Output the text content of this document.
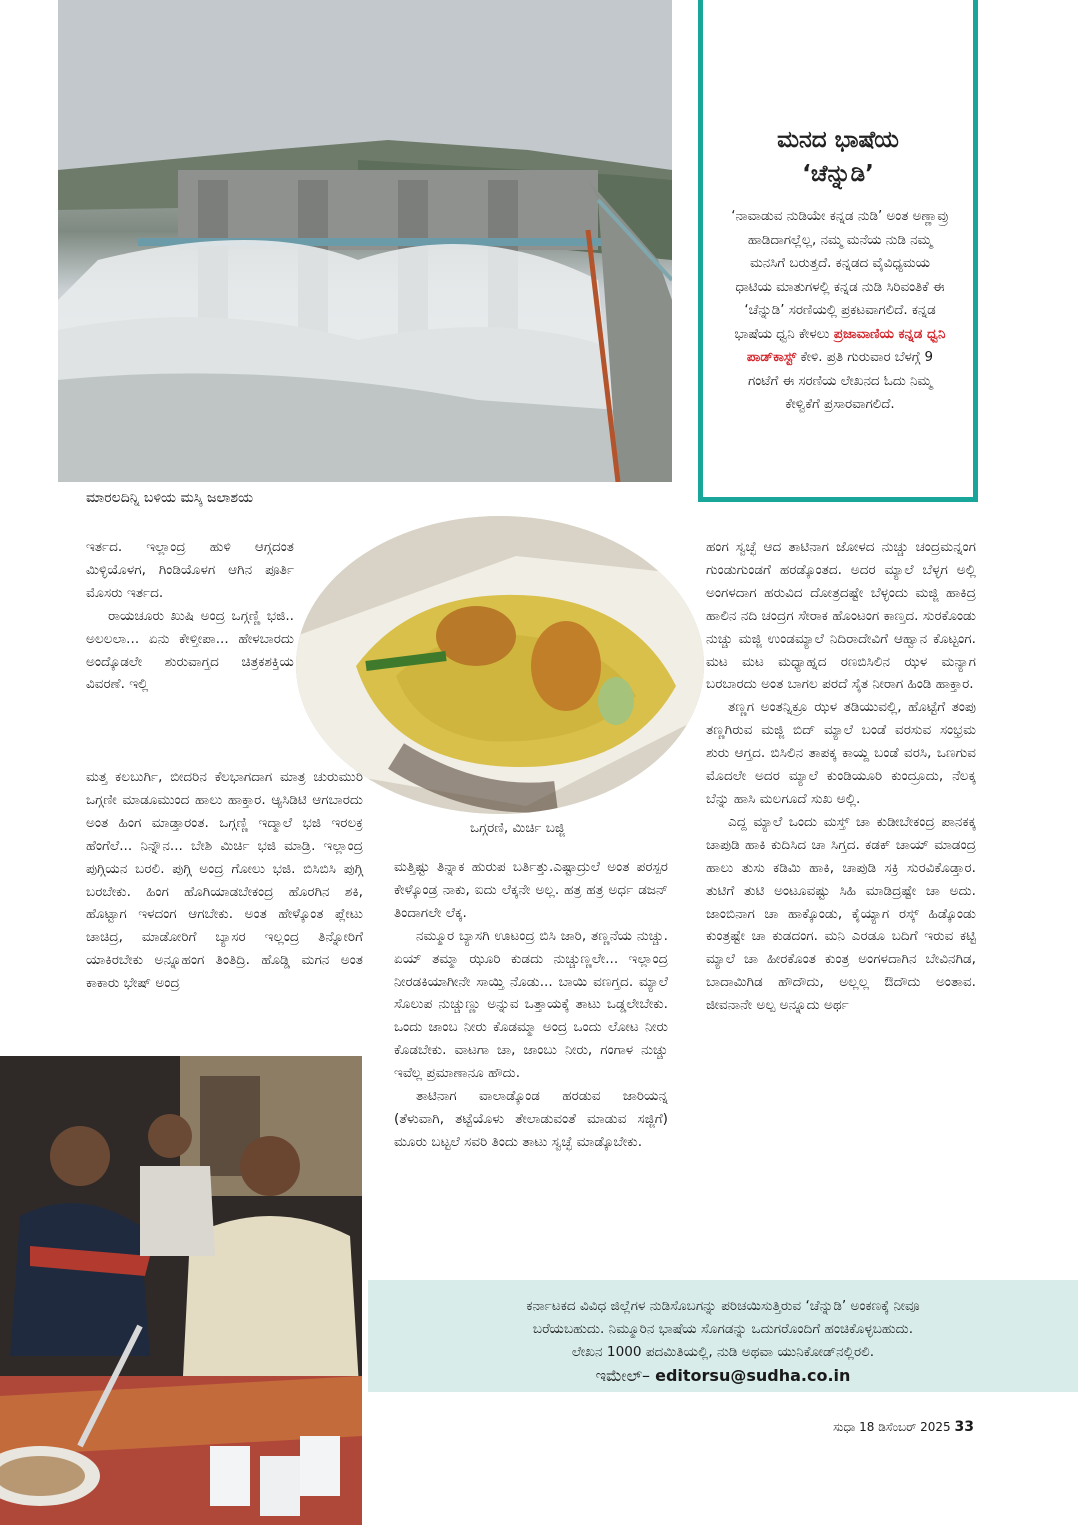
ಮಾರಲದಿನ್ನಿ ಬಳಿಯ ಮಸ್ಕಿ ಜಲಾಶಯ
ಮನದ ಭಾಷೆಯ
‘ಚೆನ್ನುಡಿ’
‘ನಾವಾಡುವ ನುಡಿಯೇ ಕನ್ನಡ ನುಡಿ’ ಅಂತ ಅಣ್ಣಾವ್ರು ಹಾಡಿದಾಗಲ್ಲೆಲ್ಲ, ನಮ್ಮ ಮನೆಯ ನುಡಿ ನಮ್ಮ ಮನಸಿಗೆ ಬರುತ್ತದೆ. ಕನ್ನಡದ ವೈವಿಧ್ಯಮಯ ಧಾಟಿಯ ಮಾತುಗಳಲ್ಲಿ ಕನ್ನಡ ನುಡಿ ಸಿರಿವಂತಿಕೆ ಈ ‘ಚೆನ್ನುಡಿ’ ಸರಣಿಯಲ್ಲಿ ಪ್ರಕಟವಾಗಲಿದೆ. ಕನ್ನಡ ಭಾಷೆಯ ಧ್ವನಿ ಕೇಳಲು ಪ್ರಜಾವಾಣಿಯ ಕನ್ನಡ ಧ್ವನಿ ಪಾಡ್‌ಕಾಸ್ಟ್ ಕೇಳಿ. ಪ್ರತಿ ಗುರುವಾರ ಬೆಳಗ್ಗೆ 9 ಗಂಟೆಗೆ ಈ ಸರಣಿಯ ಲೇಖನದ ಓದು ನಿಮ್ಮ ಕೇಳ್ವಿಕೆಗೆ ಪ್ರಸಾರವಾಗಲಿದೆ.
ಒಗ್ಗರಣಿ, ಮಿರ್ಚಿ ಬಜ್ಜಿ

ಇರ್ತದ. ಇಲ್ಲಾಂದ್ರ ಹುಳಿ ಆಗ್ಗದಂತ ಮಿಳ್ಳಿಯೊಳಗ, ಗಿಂಡಿಯೊಳಗ ಆಗಿನ ಪೂರ್ತಿ ಮೊಸರು ಇರ್ತದ.

ರಾಯಚೂರು ಖುಷಿ ಅಂದ್ರ ಒಗ್ಗಣ್ಣಿ ಭಜಿ.. ಅಲಲಲಾ... ಏನು ಕೇಳ್ತೀಪಾ... ಹೇಳಬಾರದು ಅಂದ್ಕೊಡಲೇ ಶುರುವಾಗ್ತದ ಚಿತ್ರಕಶಕ್ತಿಯ ವಿವರಣೆ. ಇಲ್ಲಿ

ಮತ್ತ ಕಲಬುರ್ಗಿ, ಬೀದರಿನ ಕೆಲಭಾಗದಾಗ ಮಾತ್ರ ಚುರುಮುರಿ ಒಗ್ಗಣೀ ಮಾಡೂಮುಂದ ಹಾಲು ಹಾಕ್ತಾರ. ಆ್ಯಸಿಡಿಟಿ ಆಗಬಾರದು ಅಂತ ಹಿಂಗ ಮಾಡ್ತಾರಂತ. ಒಗ್ಗಣ್ಣಿ ಇದ್ಮಾಲೆ ಭಜಿ ಇರಲಕ್ರ ಹೆಂಗೆಲೆ... ನಿನ್ನೌನ... ಬೇಶಿ ಮಿರ್ಚಿ ಭಜಿ ಮಾಡ್ರಿ. ಇಲ್ಲಾಂದ್ರ ಪುಗ್ಗಿಯನ ಬರಲಿ. ಪುಗ್ಗಿ ಅಂದ್ರ ಗೋಲು ಭಜಿ. ಬಿಸಿಬಿಸಿ ಪುಗ್ಗಿ ಬರಬೇಕು. ಹಿಂಗ ಹೊಗಿಯಾಡಬೇಕಂದ್ರ ಹೊರಗಿನ ಶಕಿ, ಹೊಟ್ಟಾಗ ಇಳದಂಗ ಆಗಬೇಕು. ಅಂತ ಹೇಳ್ಕೊಂತ ಪ್ಲೇಟು ಚಾಚಿದ್ರ, ಮಾಡೋರಿಗೆ ಬ್ಯಾಸರ ಇಲ್ಲಂದ್ರ ತಿನ್ನೋರಿಗೆ ಯಾಕಿರಬೇಕು ಅನ್ನೂಹಂಗ ತಿಂತಿದ್ರಿ. ಹೊಡ್ಡಿ ಮಗನ ಅಂತ ಕಾಕಾರು ಭೇಷ್ ಅಂದ್ರ

ಮತ್ತಿಷ್ಟು ತಿನ್ನಾಕ ಹುರುಪ ಬರ್ತಿತ್ತು.ಎಷ್ಟಾದ್ರುಲೆ ಅಂತ ಪರಸ್ಪರ ಕೇಳ್ಕೊಂಡ್ರ ನಾಕು, ಐದು ಲೆಕ್ಕನೇ ಅಲ್ಲ. ಹತ್ರ ಹತ್ರ ಅರ್ಧ ಡಜನ್ ತಿಂದಾಗಲೇ ಲೆಕ್ಕ.

ನಮ್ಮೂರ ಬ್ಯಾಸಗಿ ಊಟಂದ್ರ ಬಿಸಿ ಜಾರಿ, ತಣ್ಣನೆಯ ನುಚ್ಚು. ಏಯ್ ತಮ್ಮಾ ಝೂರಿ ಕುಡದು ನುಚ್ಚುಣ್ಣಲೇ... ಇಲ್ಲಾಂದ್ರ ನೀರಡಕಿಯಾಗೀನೇ ಸಾಯ್ತಿ ನೊಡು... ಬಾಯಿ ವಣಗ್ತದ. ಮ್ಯಾಲೆ ಸೊಲುಪ ನುಚ್ಚುಣ್ಣು ಅನ್ನುವ ಒತ್ತಾಯಕ್ಕೆ ತಾಟು ಒಡ್ಡಲೇಬೇಕು. ಒಂದು ಜಾಂಬ ನೀರು ಕೊಡಮ್ಮಾ ಅಂದ್ರ ಒಂದು ಲೋಟ ನೀರು ಕೊಡಬೇಕು. ವಾಟಗಾ ಚಾ, ಜಾಂಬು ನೀರು, ಗಂಗಾಳ ನುಚ್ಚು ಇವೆಲ್ಲ ಪ್ರಮಾಣಾನೂ ಹೌದು.

ತಾಟಿನಾಗ ವಾಲಾಡ್ಕೊಂಡ ಹರಡುವ ಜಾರಿಯನ್ನ (ತೆಳುವಾಗಿ, ತಟ್ಟೆಯೊಳು ತೇಲಾಡುವಂತೆ ಮಾಡುವ ಸಜ್ಜಿಗೆ) ಮೂರು ಬಟ್ಟಲೆ ಸವರಿ ತಿಂದು ತಾಟು ಸ್ವಚ್ಛೆ ಮಾಡ್ಕೊಬೇಕು.

ಹಂಗ ಸ್ವಚ್ಛೆ ಆದ ತಾಟಿನಾಗ ಜೋಳದ ನುಚ್ಚು ಚಂದ್ರಮನ್ನಂಗ ಗುಂಡುಗುಂಡಗೆ ಹರಡ್ಕೊಂತದ. ಅದರ ಮ್ಯಾಲೆ ಬೆಳ್ಳಗ ಅಲ್ಲಿ ಅಂಗಳದಾಗ ಹರುವಿದ ದೋತ್ರದಷ್ಟೇ ಬೆಳ್ಳಂದು ಮಜ್ಜಿ ಹಾಕಿದ್ರ ಹಾಲಿನ ನದಿ ಚಂದ್ರಗ ಸೇರಾಕ ಹೊಂಟಂಗ ಕಾಣ್ತದ. ಸುರಕೊಂಡು ನುಚ್ಚು ಮಜ್ಜಿ ಉಂಡಮ್ಯಾಲೆ ನಿದಿರಾದೇವಿಗೆ ಆಹ್ವಾನ ಕೊಟ್ಟಂಗ. ಮಟ ಮಟ ಮಧ್ಯಾಹ್ನದ ರಣಬಿಸಿಲಿನ ಝಳ ಮನ್ಯಾಗ ಬರಬಾರದು ಅಂತ ಬಾಗಲ ಪರದೆ ಸೈತ ನೀರಾಗ ಹಿಂಡಿ ಹಾಕ್ತಾರ.

ತಣ್ಣಗ ಅಂತನ್ನಿಕ್ರೂ ಝಳ ತಡಿಯುವಲ್ಲಿ, ಹೊಟ್ಟೆಗೆ ತಂಪು ತಣ್ಣಗಿರುವ ಮಜ್ಜಿ ಬಿದ್ ಮ್ಯಾಲೆ ಬಂಡೆ ವರಸುವ ಸಂಭ್ರಮ ಶುರು ಆಗ್ತದ. ಬಿಸಿಲಿನ ತಾಪಕ್ಕ ಕಾಯ್ದ ಬಂಡೆ ವರಸಿ, ಒಣಗುವ ಮೊದಲೇ ಅದರ ಮ್ಯಾಲೆ ಕುಂಡಿಯೂರಿ ಕುಂದ್ರೂದು, ನೆಲಕ್ಕ ಬೆನ್ನು ಹಾಸಿ ಮಲಗೂದೆ ಸುಖ ಅಲ್ಲಿ.

ಎದ್ದ ಮ್ಯಾಲೆ ಒಂದು ಮಸ್ತ್ ಚಾ ಕುಡೀಬೇಕಂದ್ರ ಪಾನಕಕ್ಕ ಚಾಪುಡಿ ಹಾಕಿ ಕುದಿಸಿದ ಚಾ ಸಿಗ್ತದ. ಕಡಕ್ ಚಾಯ್ ಮಾಡಂದ್ರ ಹಾಲು ತುಸು ಕಡಿಮಿ ಹಾಕಿ, ಚಾಪುಡಿ ಸಕ್ರಿ ಸುರವಿಕೊಡ್ತಾರ. ತುಟಿಗೆ ತುಟಿ ಅಂಟೂವಷ್ಟು ಸಿಹಿ ಮಾಡಿದ್ರಷ್ಟೇ ಚಾ ಅದು. ಜಾಂಬಿನಾಗ ಚಾ ಹಾಕ್ಕೊಂಡು, ಕೈಯ್ಯಾಗ ರಸ್ಕ್ ಹಿಡ್ಕೊಂಡು ಕುಂತ್ರಷ್ಟೇ ಚಾ ಕುಡದಂಗ. ಮನಿ ಎರಡೂ ಬದಿಗೆ ಇರುವ ಕಟ್ಟಿ ಮ್ಯಾಲೆ ಚಾ ಹೀರಕೊಂತ ಕುಂತ್ರ ಅಂಗಳದಾಗಿನ ಬೇವಿನಗಿಡ, ಬಾದಾಮಿಗಿಡ ಹೌದೌದು, ಅಲ್ಲಲ್ಲ ಔದೌದು ಅಂತಾವ. ಜೀವನಾನೇ ಅಲ್ಪ ಅನ್ನೂದು ಅರ್ಥ

ಕರ್ನಾಟಕದ ವಿವಿಧ ಜಿಲ್ಲೆಗಳ ನುಡಿಸೊಬಗನ್ನು ಪರಿಚಯಿಸುತ್ತಿರುವ ‘ಚೆನ್ನುಡಿ’ ಅಂಕಣಕ್ಕೆ ನೀವೂ
ಬರೆಯಬಹುದು. ನಿಮ್ಮೂರಿನ ಭಾಷೆಯ ಸೊಗಡನ್ನು ಒದುಗರೊಂದಿಗೆ ಹಂಚಿಕೊಳ್ಳಬಹುದು.
ಲೇಖನ 1000 ಪದಮಿತಿಯಲ್ಲಿ, ನುಡಿ ಅಥವಾ ಯುನಿಕೋಡ್‌ನಲ್ಲಿರಲಿ.
ಇಮೇಲ್– editorsu@sudha.co.in
ಸುಧಾ 18 ಡಿಸೆಂಬರ್ 2025 33
